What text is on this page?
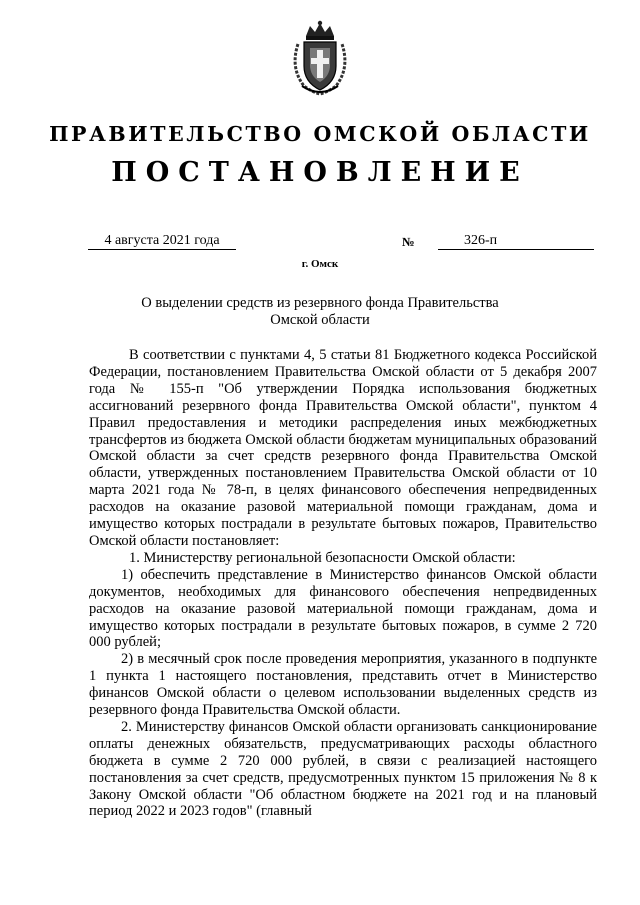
ПРАВИТЕЛЬСТВО ОМСКОЙ ОБЛАСТИ
ПОСТАНОВЛЕНИЕ
4 августа 2021 года	№	326-п
г. Омск
О выделении средств из резервного фонда Правительства
Омской области

В соответствии с пунктами 4, 5 статьи 81 Бюджетного кодекса Российской Федерации, постановлением Правительства Омской области от 5 декабря 2007 года № 155-п "Об утверждении Порядка использования бюджетных ассигнований резервного фонда Правительства Омской области", пунктом 4 Правил предоставления и методики распределения иных межбюджетных трансфертов из бюджета Омской области бюджетам муниципальных образований Омской области за счет средств резервного фонда Правительства Омской области, утвержденных постановлением Правительства Омской области от 10 марта 2021 года № 78-п, в целях финансового обеспечения непредвиденных расходов на оказание разовой материальной помощи гражданам, дома и имущество которых пострадали в результате бытовых пожаров, Правительство Омской области постановляет:

1. Министерству региональной безопасности Омской области:

1) обеспечить представление в Министерство финансов Омской области документов, необходимых для финансового обеспечения непредвиденных расходов на оказание разовой материальной помощи гражданам, дома и имущество которых пострадали в результате бытовых пожаров, в сумме 2 720 000 рублей;

2) в месячный срок после проведения мероприятия, указанного в подпункте 1 пункта 1 настоящего постановления, представить отчет в Министерство финансов Омской области о целевом использовании выделенных средств из резервного фонда Правительства Омской области.

2. Министерству финансов Омской области организовать санкционирование оплаты денежных обязательств, предусматривающих расходы областного бюджета в сумме 2 720 000 рублей, в связи с реализацией настоящего постановления за счет средств, предусмотренных пунктом 15 приложения № 8 к Закону Омской области "Об областном бюджете на 2021 год и на плановый период 2022 и 2023 годов" (главный
